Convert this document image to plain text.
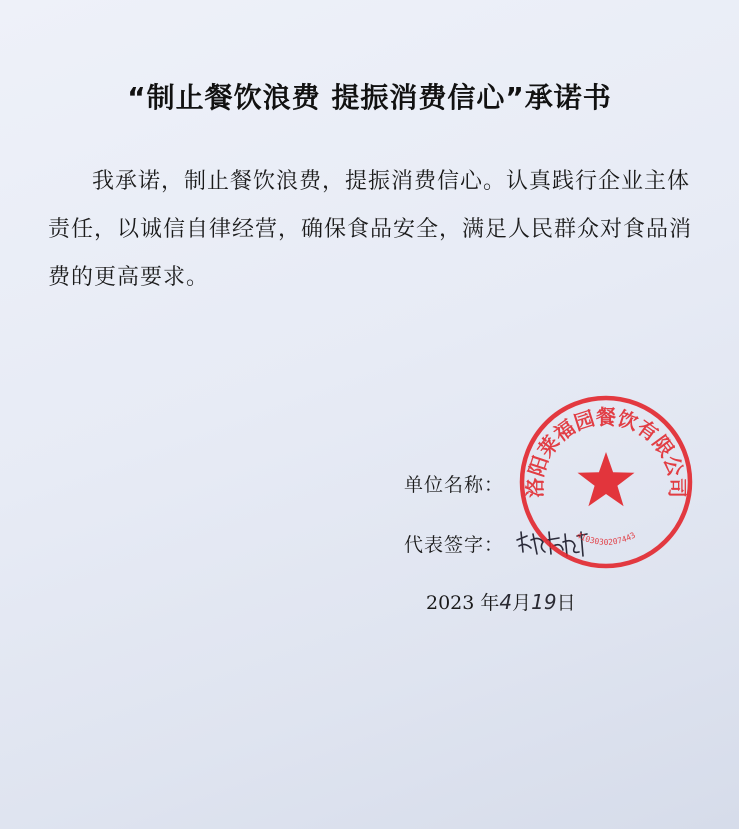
“制止餐饮浪费 提振消费信心”承诺书
我承诺，制止餐饮浪费，提振消费信心。认真践行企业主体责任，以诚信自律经营，确保食品安全，满足人民群众对食品消费的更高要求。
单位名称：
代表签字：
2023 年4月19日
洛阳莱福园餐饮有限公司
4103030207443
